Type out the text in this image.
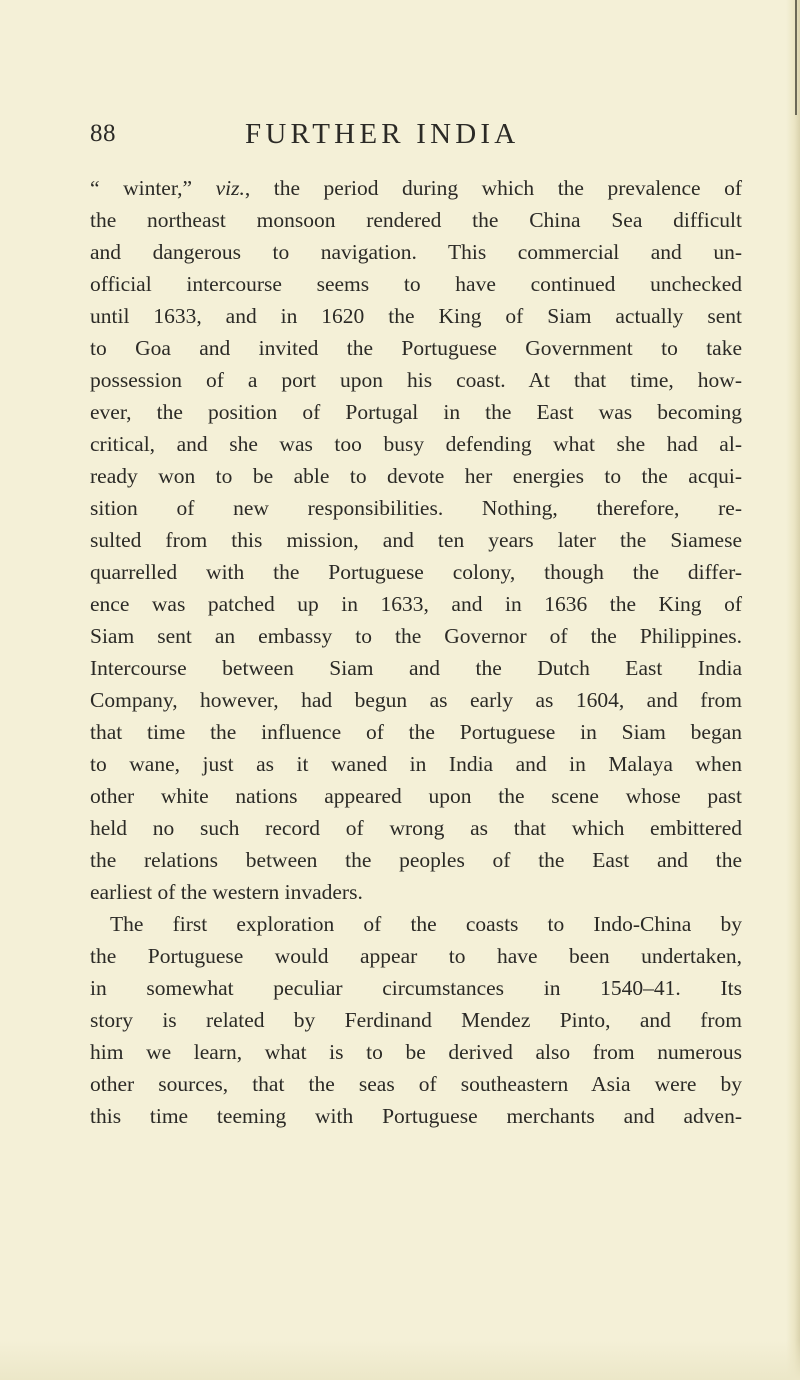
88	FURTHER INDIA
“ winter,” viz., the period during which the prevalence of
the northeast monsoon rendered the China Sea difficult
and dangerous to navigation. This commercial and un-
official intercourse seems to have continued unchecked
until 1633, and in 1620 the King of Siam actually sent
to Goa and invited the Portuguese Government to take
possession of a port upon his coast. At that time, how-
ever, the position of Portugal in the East was becoming
critical, and she was too busy defending what she had al-
ready won to be able to devote her energies to the acqui-
sition of new responsibilities. Nothing, therefore, re-
sulted from this mission, and ten years later the Siamese
quarrelled with the Portuguese colony, though the differ-
ence was patched up in 1633, and in 1636 the King of
Siam sent an embassy to the Governor of the Philippines.
Intercourse between Siam and the Dutch East India
Company, however, had begun as early as 1604, and from
that time the influence of the Portuguese in Siam began
to wane, just as it waned in India and in Malaya when
other white nations appeared upon the scene whose past
held no such record of wrong as that which embittered
the relations between the peoples of the East and the
earliest of the western invaders.
The first exploration of the coasts to Indo-China by
the Portuguese would appear to have been undertaken,
in somewhat peculiar circumstances in 1540–41. Its
story is related by Ferdinand Mendez Pinto, and from
him we learn, what is to be derived also from numerous
other sources, that the seas of southeastern Asia were by
this time teeming with Portuguese merchants and adven-
